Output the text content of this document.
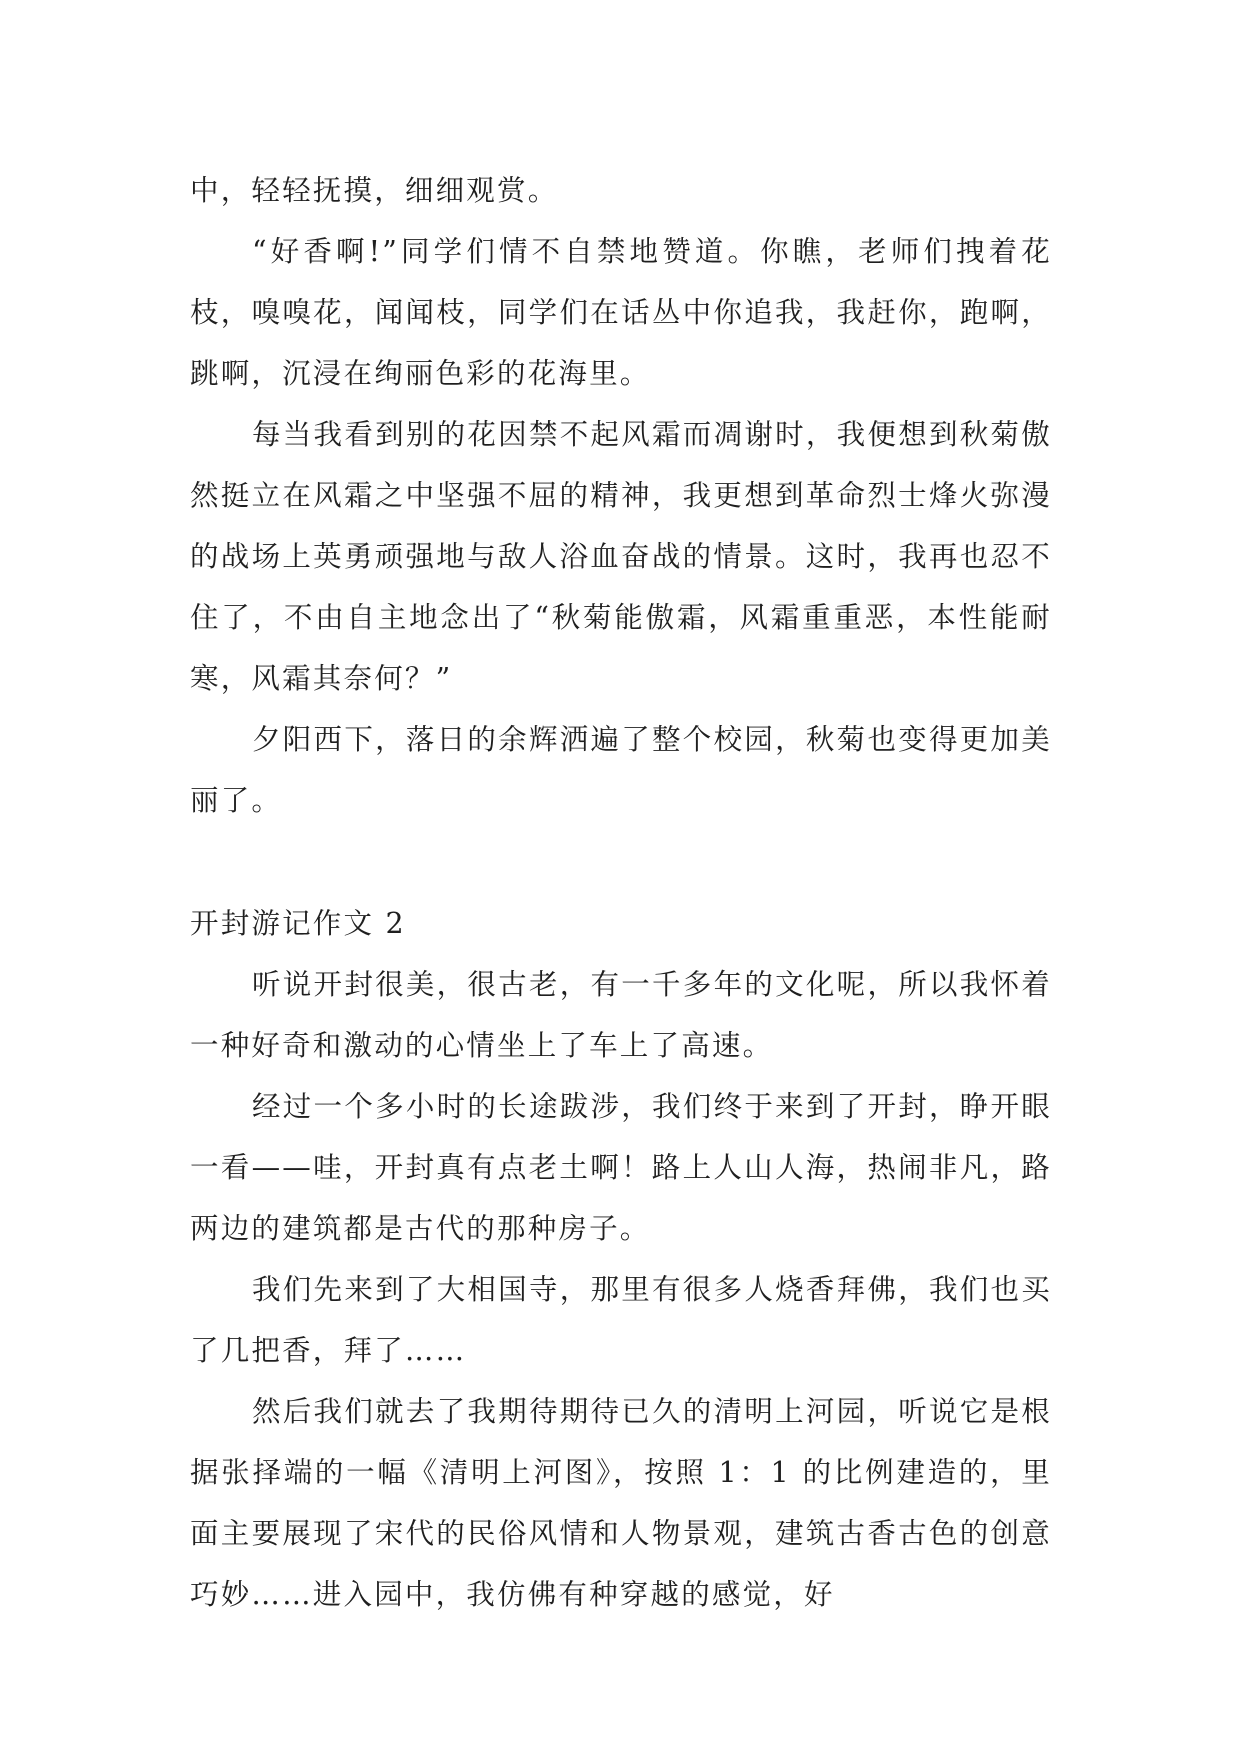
中，轻轻抚摸，细细观赏。

“好香啊!”同学们情不自禁地赞道。你瞧，老师们拽着花枝，嗅嗅花，闻闻枝，同学们在话丛中你追我，我赶你，跑啊，跳啊，沉浸在绚丽色彩的花海里。

每当我看到别的花因禁不起风霜而凋谢时，我便想到秋菊傲然挺立在风霜之中坚强不屈的精神，我更想到革命烈士烽火弥漫的战场上英勇顽强地与敌人浴血奋战的情景。这时，我再也忍不住了，不由自主地念出了“秋菊能傲霜，风霜重重恶，本性能耐寒，风霜其奈何？”

夕阳西下，落日的余辉洒遍了整个校园，秋菊也变得更加美丽了。

开封游记作文 2

听说开封很美，很古老，有一千多年的文化呢，所以我怀着一种好奇和激动的心情坐上了车上了高速。

经过一个多小时的长途跋涉，我们终于来到了开封，睁开眼一看——哇，开封真有点老土啊！路上人山人海，热闹非凡，路两边的建筑都是古代的那种房子。

我们先来到了大相国寺，那里有很多人烧香拜佛，我们也买了几把香，拜了……

然后我们就去了我期待期待已久的清明上河园，听说它是根据张择端的一幅《清明上河图》，按照 1：1 的比例建造的，里面主要展现了宋代的民俗风情和人物景观，建筑古香古色的创意巧妙……进入园中，我仿佛有种穿越的感觉，好
